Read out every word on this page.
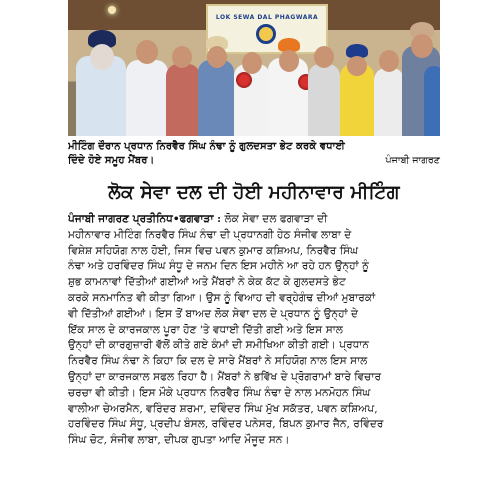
LOK SEWA DAL PHAGWARA
ਮੀਟਿੰਗ ਦੌਰਾਨ ਪ੍ਰਧਾਨ ਨਿਰਵੈਰ ਸਿੰਘ ਨੰਢਾ ਨੂੰ ਗੁਲਦਸਤਾ ਭੇਟ ਕਰਕੇ ਵਧਾਈ
ਦਿੰਦੇ ਹੋਏ ਸਮੂਹ ਮੈਂਬਰ।	ਪੰਜਾਬੀ ਜਾਗਰਣ
ਲੋਕ ਸੇਵਾ ਦਲ ਦੀ ਹੋਈ ਮਹੀਨਾਵਾਰ ਮੀਟਿੰਗ
ਪੰਜਾਬੀ ਜਾਗਰਣ ਪ੍ਰਤੀਨਿਧ•ਫਗਵਾੜਾ : ਲੋਕ ਸੇਵਾ ਦਲ ਫਗਵਾੜਾ ਦੀ
ਮਹੀਨਾਵਾਰ ਮੀਟਿੰਗ ਨਿਰਵੈਰ ਸਿੰਘ ਨੰਢਾ ਦੀ ਪ੍ਰਧਾਨਗੀ ਹੇਠ ਸੰਜੀਵ ਲਾਬਾ ਦੇ
ਵਿਸ਼ੇਸ਼ ਸਹਿਯੋਗ ਨਾਲ ਹੋਈ, ਜਿਸ ਵਿਚ ਪਵਨ ਕੁਮਾਰ ਕਸ਼ਿਅਪ, ਨਿਰਵੈਰ ਸਿੰਘ
ਨੰਢਾ ਅਤੇ ਹਰਵਿੰਦਰ ਸਿੰਘ ਸੰਧੂ ਦੇ ਜਨਮ ਦਿਨ ਇਸ ਮਹੀਨੇ ਆ ਰਹੇ ਹਨ ਉਨ੍ਹਾਂ ਨੂੰ
ਸ਼ੁਭ ਕਾਮਨਾਵਾਂ ਦਿੱਤੀਆਂ ਗਈਆਂ ਅਤੇ ਮੈਂਬਰਾਂ ਨੇ ਕੇਕ ਕੱਟ ਕੇ ਗੁਲਦਸਤੇ ਭੇਟ
ਕਰਕੇ ਸਨਮਾਨਿਤ ਵੀ ਕੀਤਾ ਗਿਆ। ਉਸ ਨੂੰ ਵਿਆਹ ਦੀ ਵਰ੍ਹੇਗੰਢ ਦੀਆਂ ਮੁਬਾਰਕਾਂ
ਵੀ ਦਿੱਤੀਆਂ ਗਈਆਂ। ਇਸ ਤੋਂ ਬਾਅਦ ਲੋਕ ਸੇਵਾ ਦਲ ਦੇ ਪ੍ਰਧਾਨ ਨੂੰ ਉਨ੍ਹਾਂ ਦੇ
ਇੱਕ ਸਾਲ ਦੇ ਕਾਰਜਕਾਲ ਪੂਰਾ ਹੋਣ 'ਤੇ ਵਧਾਈ ਦਿੱਤੀ ਗਈ ਅਤੇ ਇਸ ਸਾਲ
ਉਨ੍ਹਾਂ ਦੀ ਕਾਰਗੁਜ਼ਾਰੀ ਵੱਲੋਂ ਕੀਤੇ ਗਏ ਕੰਮਾਂ ਦੀ ਸਮੀਖਿਆ ਕੀਤੀ ਗਈ। ਪ੍ਰਧਾਨ
ਨਿਰਵੈਰ ਸਿੰਘ ਨੰਢਾ ਨੇ ਕਿਹਾ ਕਿ ਦਲ ਦੇ ਸਾਰੇ ਮੈਂਬਰਾਂ ਨੇ ਸਹਿਯੋਗ ਨਾਲ ਇਸ ਸਾਲ
ਉਨ੍ਹਾਂ ਦਾ ਕਾਰਜਕਾਲ ਸਫਲ ਰਿਹਾ ਹੈ। ਮੈਂਬਰਾਂ ਨੇ ਭਵਿੱਖ ਦੇ ਪ੍ਰੋਗਰਾਮਾਂ ਬਾਰੇ ਵਿਚਾਰ
ਚਰਚਾ ਵੀ ਕੀਤੀ। ਇਸ ਮੌਕੇ ਪ੍ਰਧਾਨ ਨਿਰਵੈਰ ਸਿੰਘ ਨੰਢਾ ਦੇ ਨਾਲ ਮਨਮੋਹਨ ਸਿੰਘ
ਵਾਲੀਆ ਚੇਅਰਮੈਨ, ਵਰਿੰਦਰ ਸ਼ਰਮਾ, ਦਵਿੰਦਰ ਸਿੰਘ ਮੁੱਖ ਸਕੱਤਰ, ਪਵਨ ਕਸ਼ਿਅਪ,
ਹਰਵਿੰਦਰ ਸਿੰਘ ਸੰਧੂ, ਪ੍ਰਦੀਪ ਬੰਸਲ, ਰਵਿੰਦਰ ਪਨੇਸਰ, ਬਿਪਨ ਕੁਮਾਰ ਜੈਨ, ਰਵਿੰਦਰ
ਸਿੰਘ ਚੋਟ, ਸੰਜੀਵ ਲਾਬਾ, ਦੀਪਕ ਗੁਪਤਾ ਆਦਿ ਮੌਜੂਦ ਸਨ।
